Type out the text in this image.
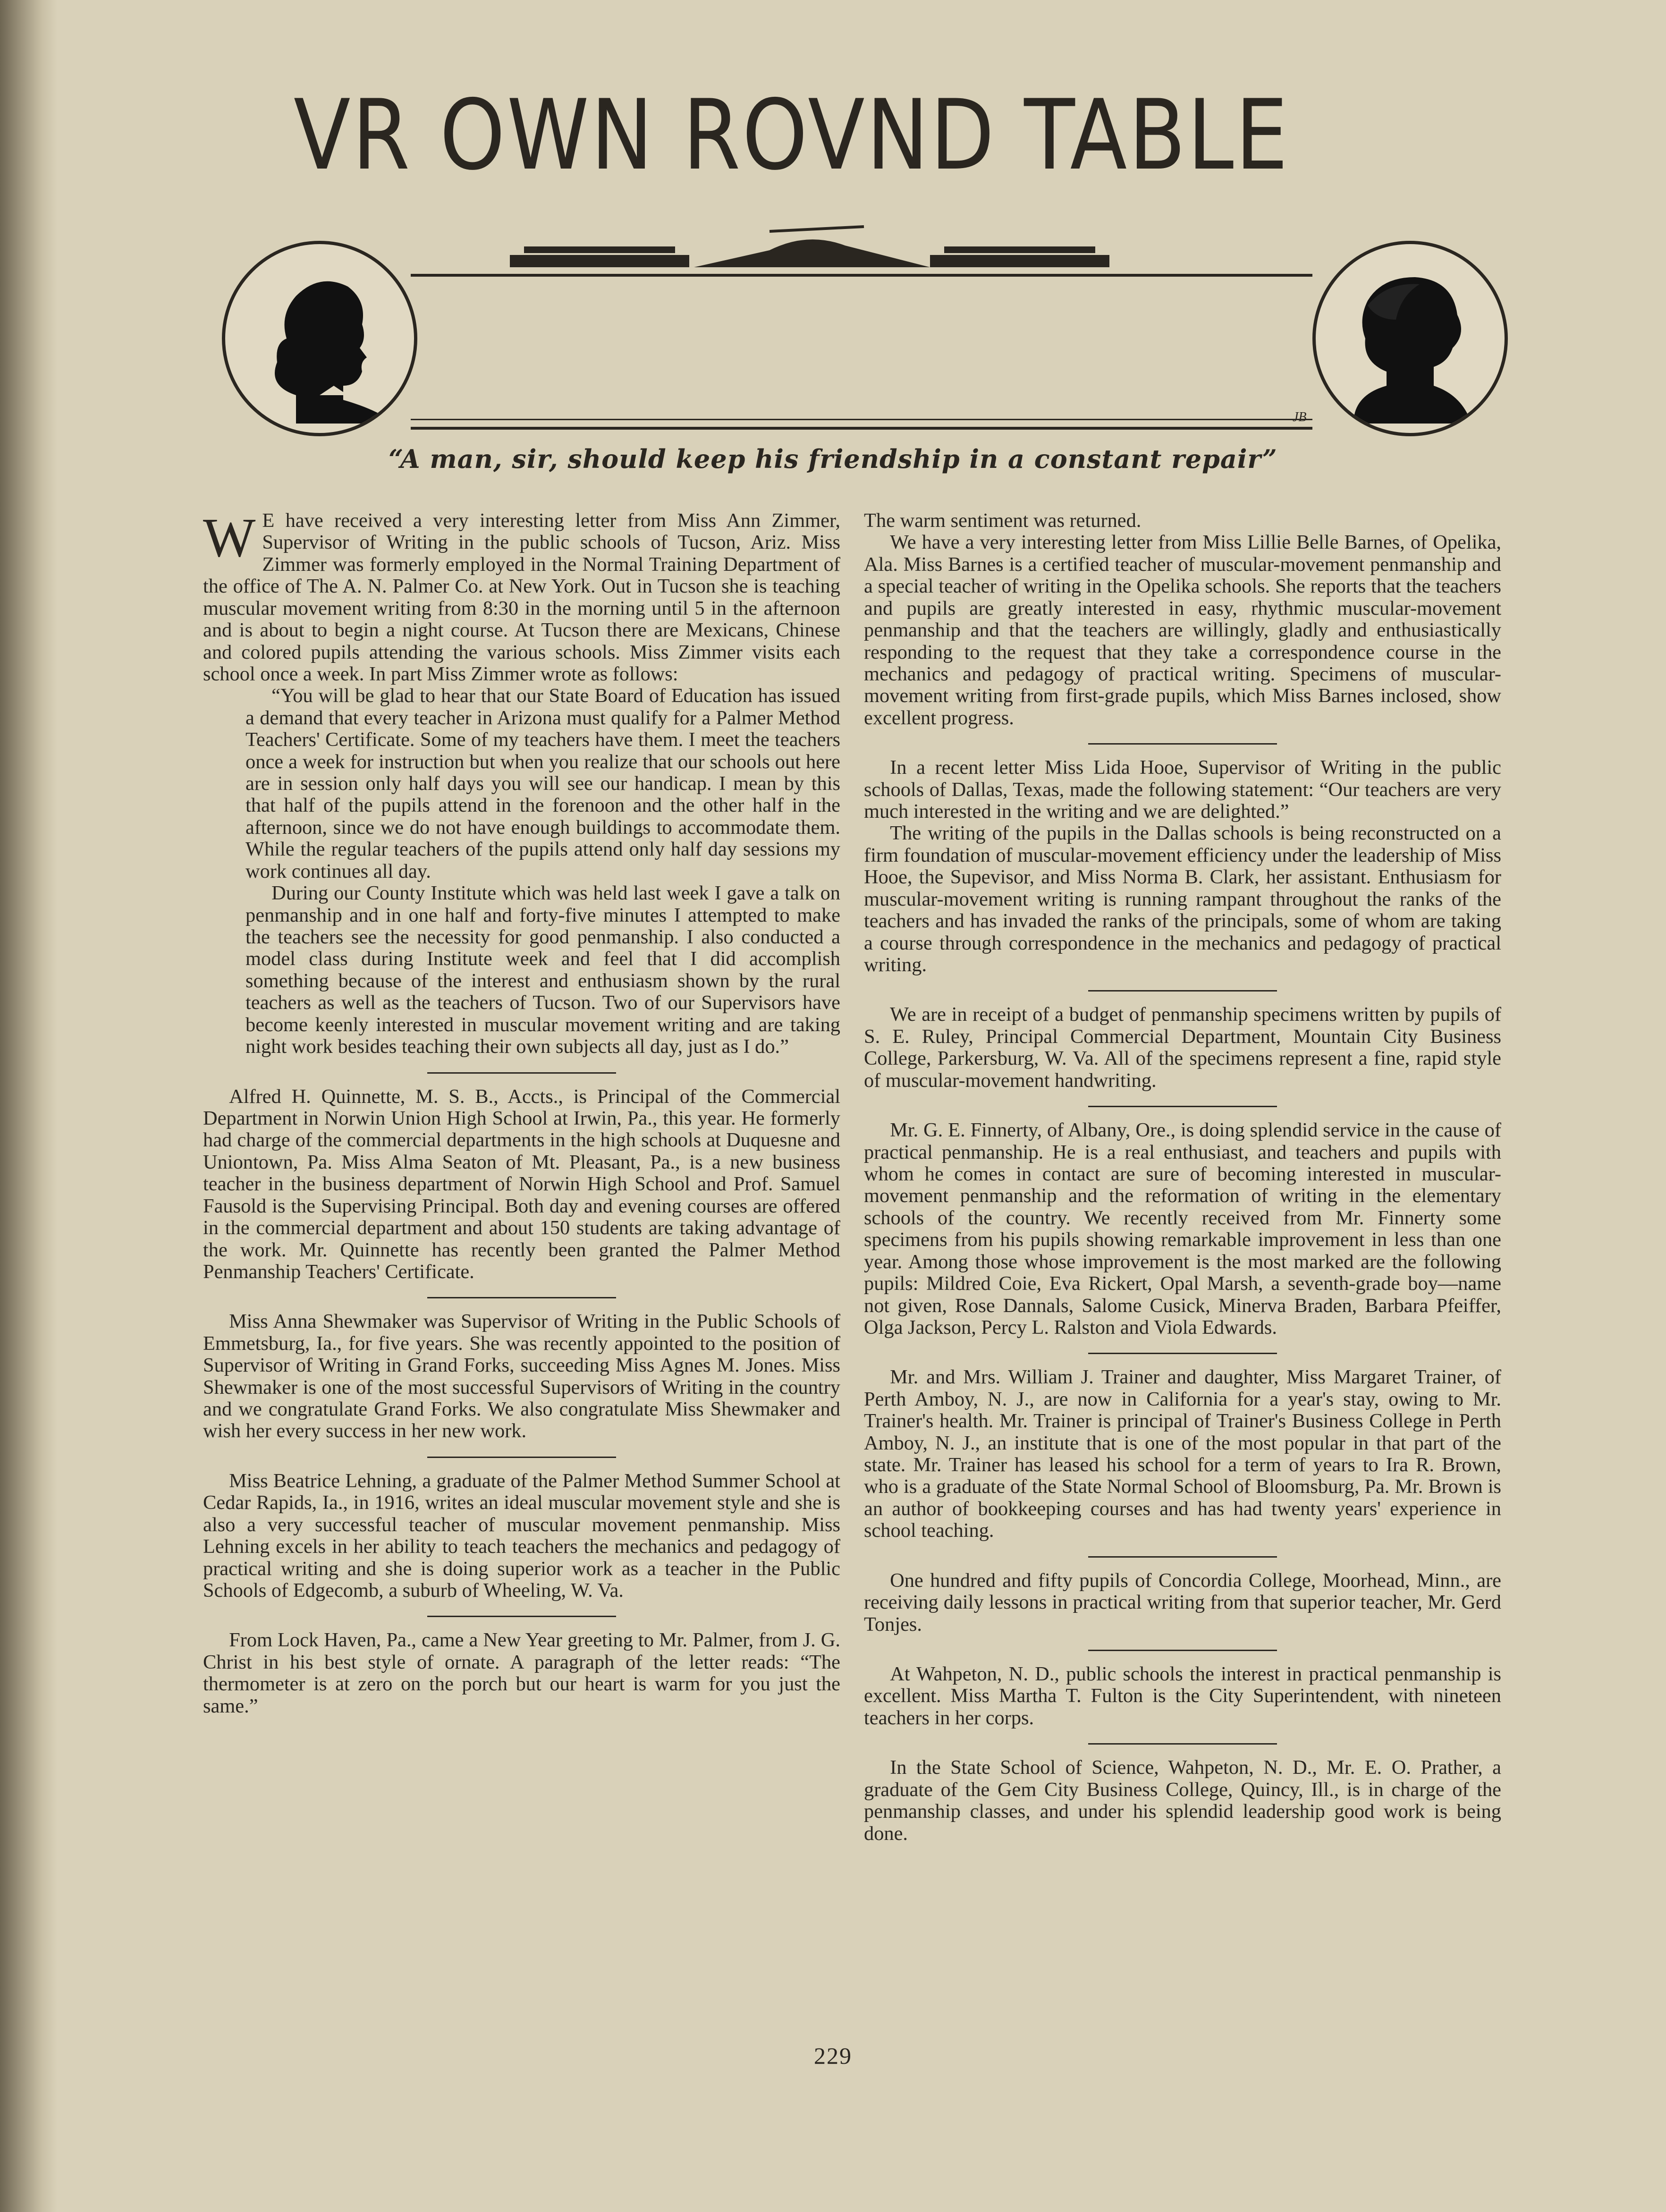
VR OWN ROVND TABLE
JB
“A man, sir, should keep his friendship in a constant repair”

W E have received a very interesting letter from Miss Ann Zimmer, Supervisor of Writing in the public schools of Tucson, Ariz. Miss Zimmer was formerly employed in the Normal Training Department of the office of The A. N. Palmer Co. at New York. Out in Tucson she is teaching muscular movement writing from 8:30 in the morning until 5 in the afternoon and is about to begin a night course. At Tucson there are Mexicans, Chinese and colored pupils attending the various schools. Miss Zimmer visits each school once a week. In part Miss Zimmer wrote as follows:

“You will be glad to hear that our State Board of Education has issued a demand that every teacher in Arizona must qualify for a Palmer Method Teachers' Certificate. Some of my teachers have them. I meet the teachers once a week for instruction but when you realize that our schools out here are in session only half days you will see our handicap. I mean by this that half of the pupils attend in the forenoon and the other half in the afternoon, since we do not have enough buildings to accommodate them. While the regular teachers of the pupils attend only half day sessions my work continues all day.

During our County Institute which was held last week I gave a talk on penmanship and in one half and forty-five minutes I attempted to make the teachers see the necessity for good penmanship. I also conducted a model class during Institute week and feel that I did accomplish something because of the interest and enthusiasm shown by the rural teachers as well as the teachers of Tucson. Two of our Supervisors have become keenly interested in muscular movement writing and are taking night work besides teaching their own subjects all day, just as I do.”

Alfred H. Quinnette, M. S. B., Accts., is Principal of the Commercial Department in Norwin Union High School at Irwin, Pa., this year. He formerly had charge of the commercial departments in the high schools at Duquesne and Uniontown, Pa. Miss Alma Seaton of Mt. Pleasant, Pa., is a new business teacher in the business department of Norwin High School and Prof. Samuel Fausold is the Supervising Principal. Both day and evening courses are offered in the commercial department and about 150 students are taking advantage of the work. Mr. Quinnette has recently been granted the Palmer Method Penmanship Teachers' Certificate.

Miss Anna Shewmaker was Supervisor of Writing in the Public Schools of Emmetsburg, Ia., for five years. She was recently appointed to the position of Supervisor of Writing in Grand Forks, succeeding Miss Agnes M. Jones. Miss Shewmaker is one of the most successful Supervisors of Writing in the country and we congratulate Grand Forks. We also congratulate Miss Shewmaker and wish her every success in her new work.

Miss Beatrice Lehning, a graduate of the Palmer Method Summer School at Cedar Rapids, Ia., in 1916, writes an ideal muscular movement style and she is also a very successful teacher of muscular movement penmanship. Miss Lehning excels in her ability to teach teachers the mechanics and pedagogy of practical writing and she is doing superior work as a teacher in the Public Schools of Edgecomb, a suburb of Wheeling, W. Va.

From Lock Haven, Pa., came a New Year greeting to Mr. Palmer, from J. G. Christ in his best style of ornate. A paragraph of the letter reads: “The thermometer is at zero on the porch but our heart is warm for you just the same.”

The warm sentiment was returned.

We have a very interesting letter from Miss Lillie Belle Barnes, of Opelika, Ala. Miss Barnes is a certified teacher of muscular-movement penmanship and a special teacher of writing in the Opelika schools. She reports that the teachers and pupils are greatly interested in easy, rhythmic muscular-movement penmanship and that the teachers are willingly, gladly and enthusiastically responding to the request that they take a correspondence course in the mechanics and pedagogy of practical writing. Specimens of muscular-movement writing from first-grade pupils, which Miss Barnes inclosed, show excellent progress.

In a recent letter Miss Lida Hooe, Supervisor of Writing in the public schools of Dallas, Texas, made the following statement: “Our teachers are very much interested in the writing and we are delighted.”

The writing of the pupils in the Dallas schools is being reconstructed on a firm foundation of muscular-movement efficiency under the leadership of Miss Hooe, the Supevisor, and Miss Norma B. Clark, her assistant. Enthusiasm for muscular-movement writing is running rampant throughout the ranks of the teachers and has invaded the ranks of the principals, some of whom are taking a course through correspondence in the mechanics and pedagogy of practical writing.

We are in receipt of a budget of penmanship specimens written by pupils of S. E. Ruley, Principal Commercial Department, Mountain City Business College, Parkersburg, W. Va. All of the specimens represent a fine, rapid style of muscular-movement handwriting.

Mr. G. E. Finnerty, of Albany, Ore., is doing splendid service in the cause of practical penmanship. He is a real enthusiast, and teachers and pupils with whom he comes in contact are sure of becoming interested in muscular-movement penmanship and the reformation of writing in the elementary schools of the country. We recently received from Mr. Finnerty some specimens from his pupils showing remarkable improvement in less than one year. Among those whose improvement is the most marked are the following pupils: Mildred Coie, Eva Rickert, Opal Marsh, a seventh-grade boy—name not given, Rose Dannals, Salome Cusick, Minerva Braden, Barbara Pfeiffer, Olga Jackson, Percy L. Ralston and Viola Edwards.

Mr. and Mrs. William J. Trainer and daughter, Miss Margaret Trainer, of Perth Amboy, N. J., are now in California for a year's stay, owing to Mr. Trainer's health. Mr. Trainer is principal of Trainer's Business College in Perth Amboy, N. J., an institute that is one of the most popular in that part of the state. Mr. Trainer has leased his school for a term of years to Ira R. Brown, who is a graduate of the State Normal School of Bloomsburg, Pa. Mr. Brown is an author of bookkeeping courses and has had twenty years' experience in school teaching.

One hundred and fifty pupils of Concordia College, Moorhead, Minn., are receiving daily lessons in practical writing from that superior teacher, Mr. Gerd Tonjes.

At Wahpeton, N. D., public schools the interest in practical penmanship is excellent. Miss Martha T. Fulton is the City Superintendent, with nineteen teachers in her corps.

In the State School of Science, Wahpeton, N. D., Mr. E. O. Prather, a graduate of the Gem City Business College, Quincy, Ill., is in charge of the penmanship classes, and under his splendid leadership good work is being done.

229
